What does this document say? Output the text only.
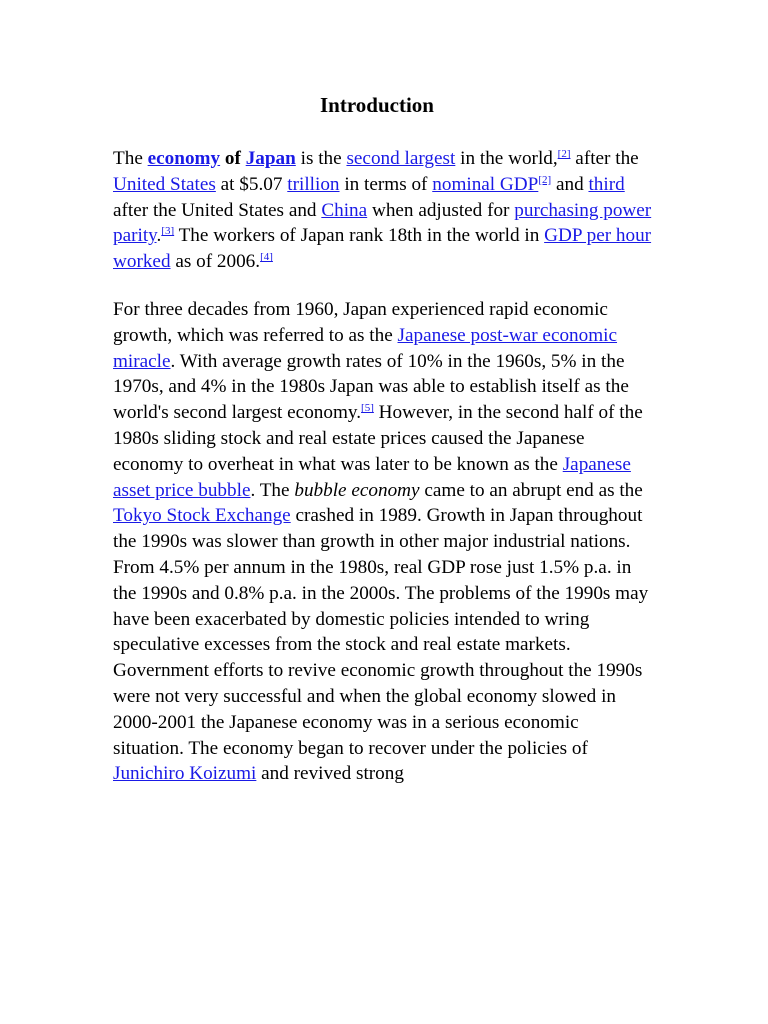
Introduction

The economy of Japan is the second largest in the world,[2] after the United States at $5.07 trillion in terms of nominal GDP[2] and third after the United States and China when adjusted for purchasing power parity.[3] The workers of Japan rank 18th in the world in GDP per hour worked as of 2006.[4]

For three decades from 1960, Japan experienced rapid economic growth, which was referred to as the Japanese post-war economic miracle. With average growth rates of 10% in the 1960s, 5% in the 1970s, and 4% in the 1980s Japan was able to establish itself as the world's second largest economy.[5] However, in the second half of the 1980s sliding stock and real estate prices caused the Japanese economy to overheat in what was later to be known as the Japanese asset price bubble. The bubble economy came to an abrupt end as the Tokyo Stock Exchange crashed in 1989. Growth in Japan throughout the 1990s was slower than growth in other major industrial nations. From 4.5% per annum in the 1980s, real GDP rose just 1.5% p.a. in the 1990s and 0.8% p.a. in the 2000s. The problems of the 1990s may have been exacerbated by domestic policies intended to wring speculative excesses from the stock and real estate markets. Government efforts to revive economic growth throughout the 1990s were not very successful and when the global economy slowed in 2000-2001 the Japanese economy was in a serious economic situation. The economy began to recover under the policies of Junichiro Koizumi and revived strong
